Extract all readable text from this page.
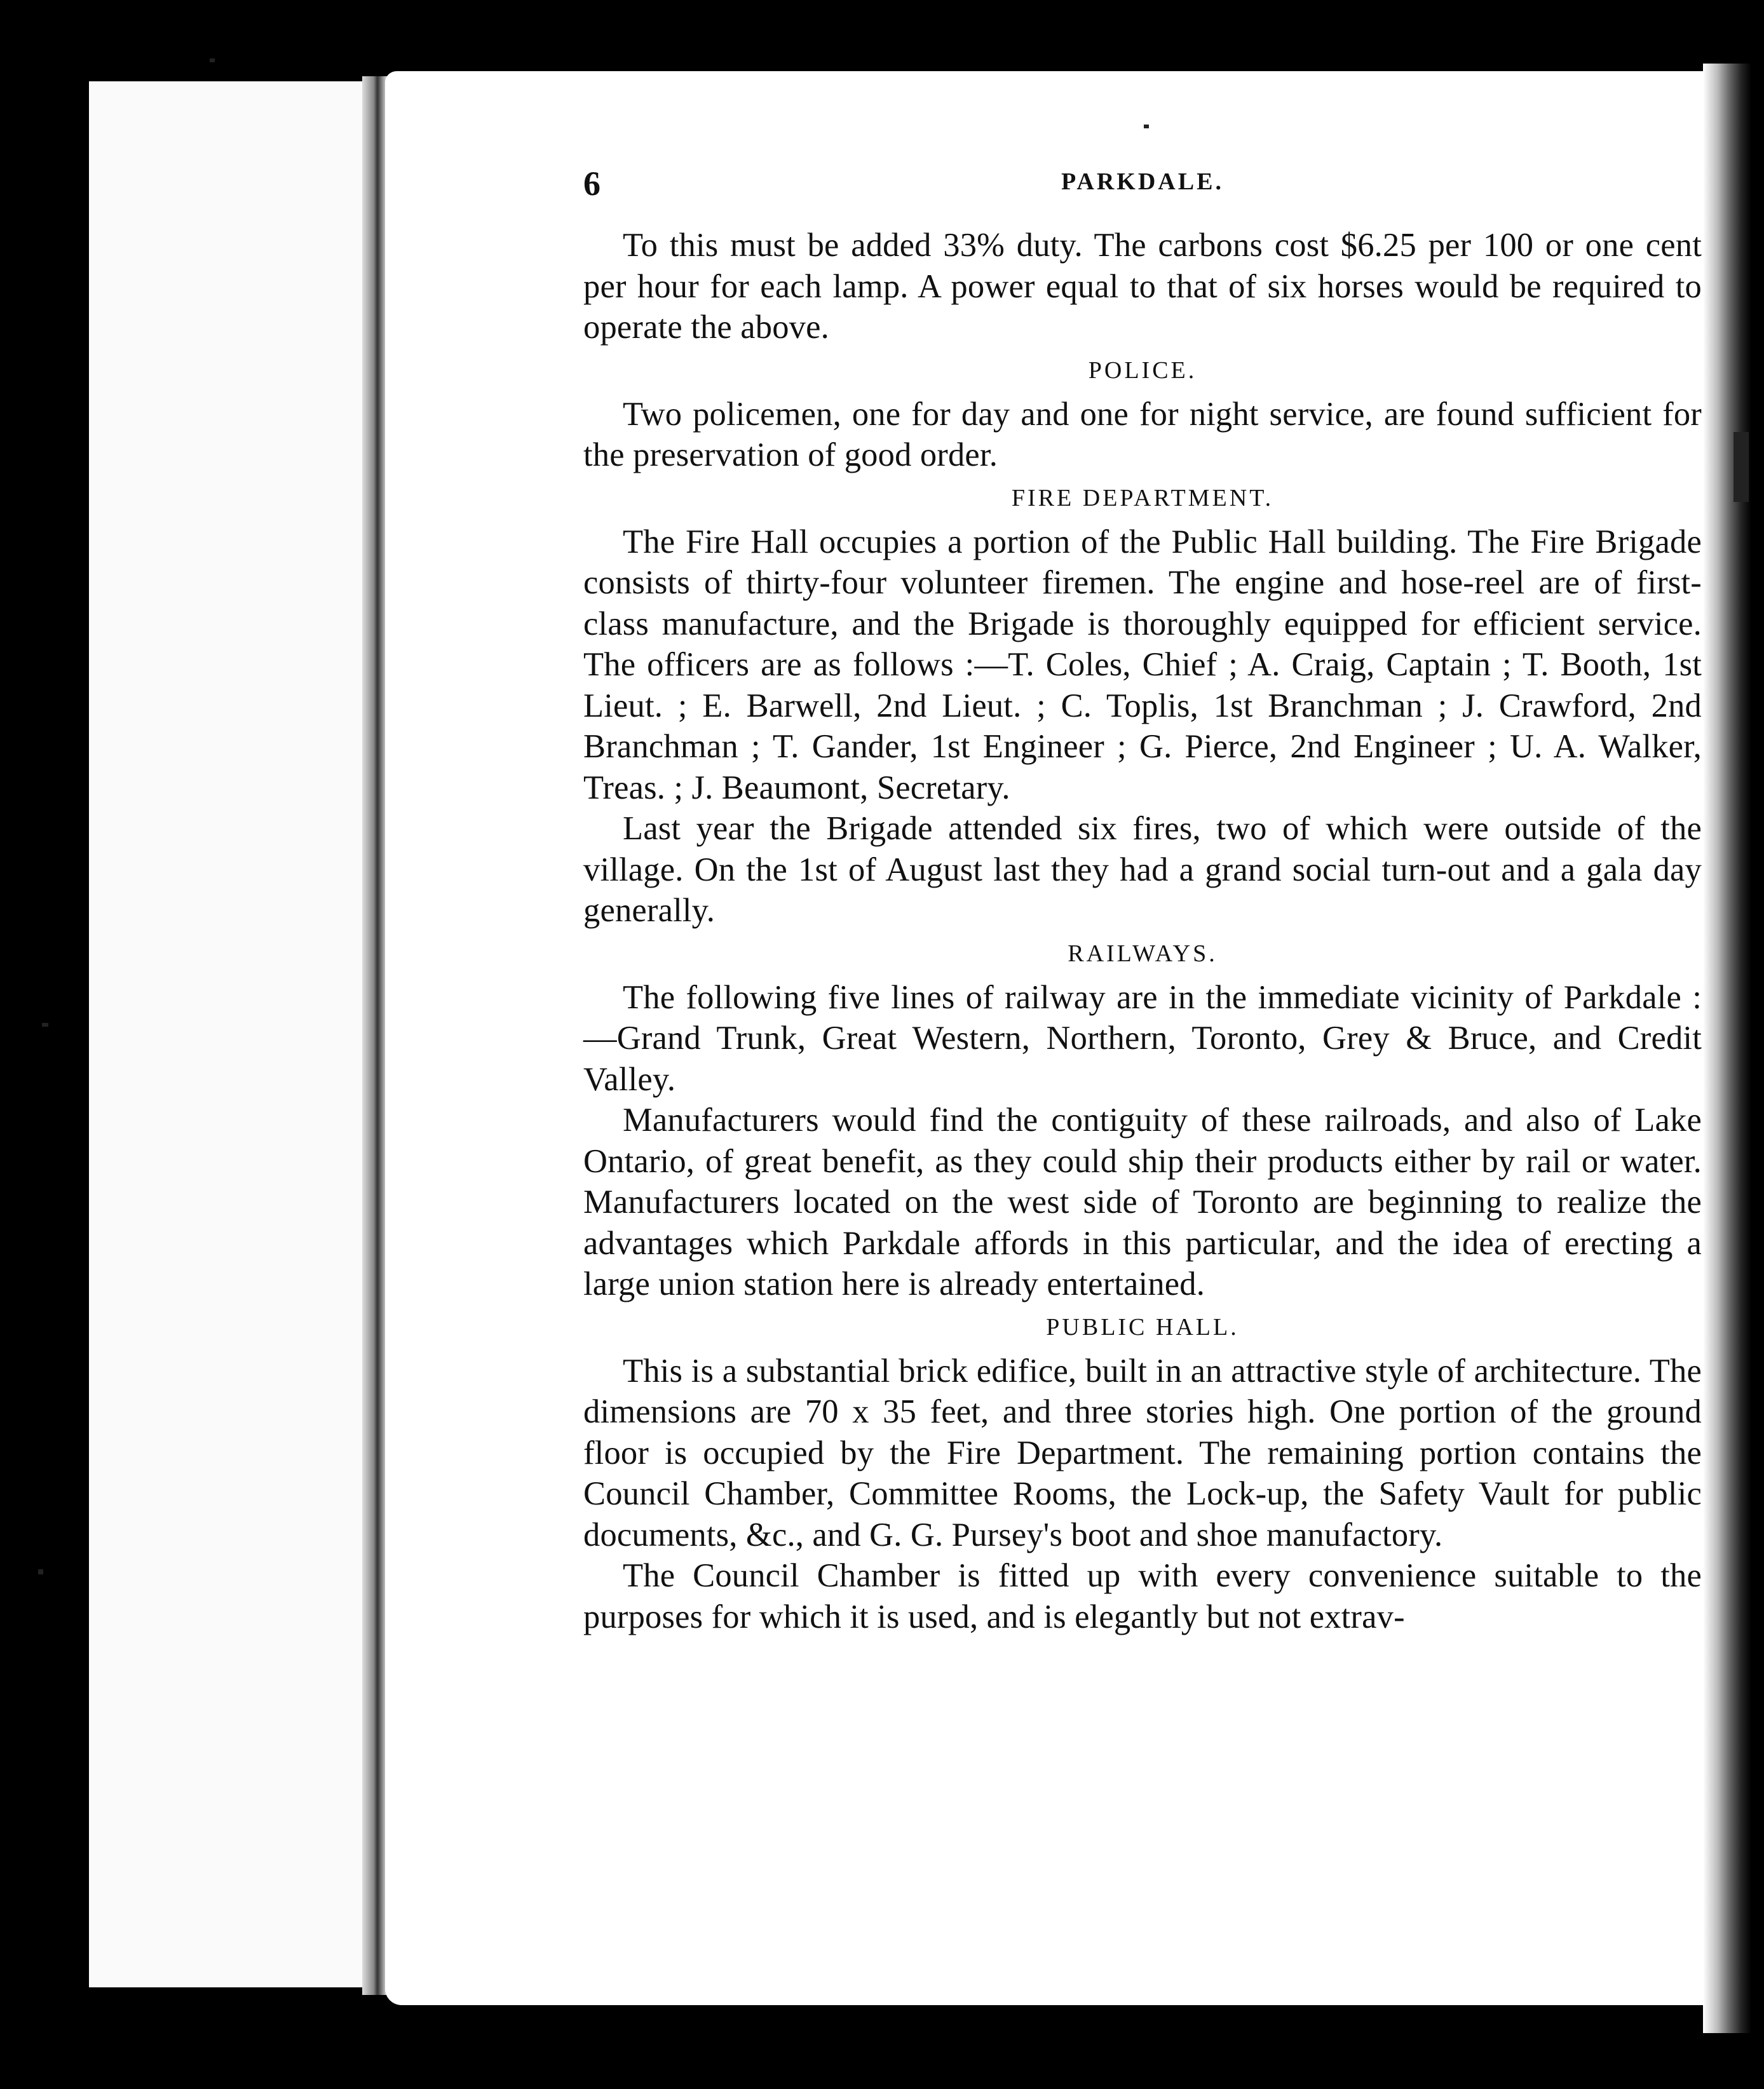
6	PARKDALE.

To this must be added 33% duty. The carbons cost $6.25 per 100 or one cent per hour for each lamp. A power equal to that of six horses would be required to operate the above.

POLICE.

Two policemen, one for day and one for night service, are found sufficient for the preservation of good order.

FIRE DEPARTMENT.

The Fire Hall occupies a portion of the Public Hall building. The Fire Brigade consists of thirty-four volunteer firemen. The engine and hose-reel are of first-class manufacture, and the Brigade is thoroughly equipped for efficient service. The officers are as follows :—T. Coles, Chief ; A. Craig, Captain ; T. Booth, 1st Lieut. ; E. Barwell, 2nd Lieut. ; C. Toplis, 1st Branchman ; J. Crawford, 2nd Branchman ; T. Gander, 1st Engineer ; G. Pierce, 2nd Engineer ; U. A. Walker, Treas. ; J. Beaumont, Secretary.

Last year the Brigade attended six fires, two of which were outside of the village. On the 1st of August last they had a grand social turn-out and a gala day generally.

RAILWAYS.

The following five lines of railway are in the immediate vicinity of Parkdale :—Grand Trunk, Great Western, Northern, Toronto, Grey & Bruce, and Credit Valley.

Manufacturers would find the contiguity of these railroads, and also of Lake Ontario, of great benefit, as they could ship their products either by rail or water. Manufacturers located on the west side of Toronto are beginning to realize the advantages which Parkdale affords in this particular, and the idea of erecting a large union station here is already entertained.

PUBLIC HALL.

This is a substantial brick edifice, built in an attractive style of architecture. The dimensions are 70 x 35 feet, and three stories high. One portion of the ground floor is occupied by the Fire Department. The remaining portion contains the Council Chamber, Committee Rooms, the Lock-up, the Safety Vault for public documents, &c., and G. G. Pursey's boot and shoe manufactory.

The Council Chamber is fitted up with every convenience suitable to the purposes for which it is used, and is elegantly but not extrav-
